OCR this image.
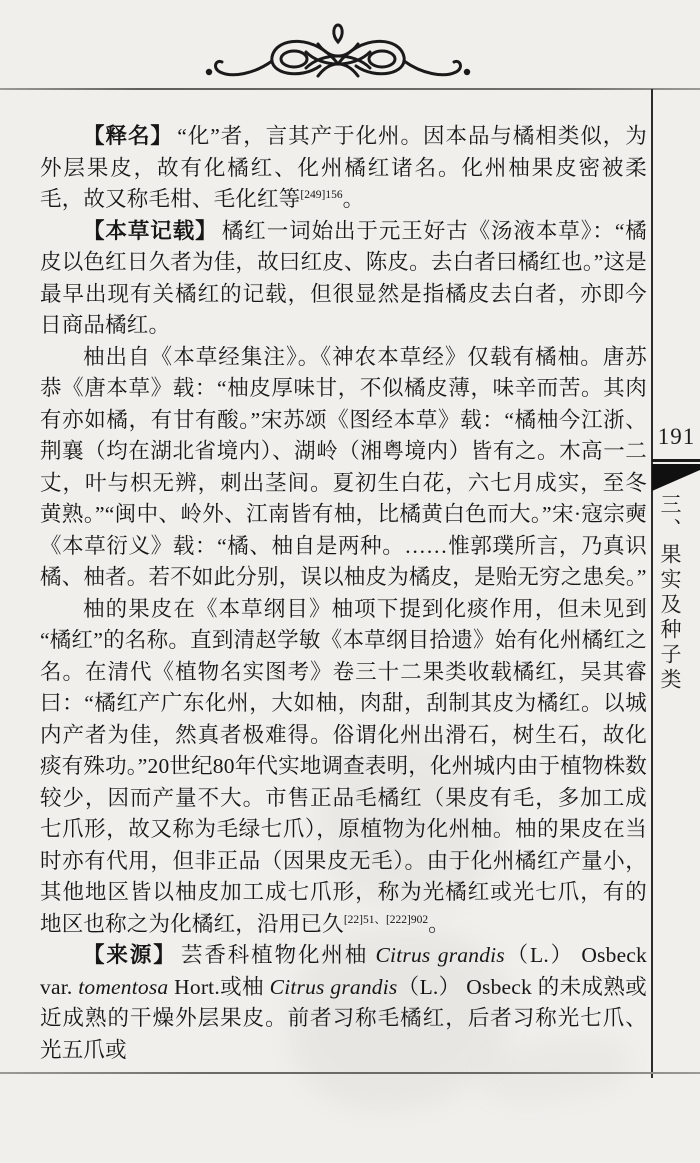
【释名】 “化”者，言其产于化州。因本品与橘相类似，为外层果皮，故有化橘红、化州橘红诸名。化州柚果皮密被柔毛，故又称毛柑、毛化红等$^{[249]156}$。

【本草记载】 橘红一词始出于元王好古《汤液本草》：“橘皮以色红日久者为佳，故曰红皮、陈皮。去白者曰橘红也。”这是最早出现有关橘红的记载，但很显然是指橘皮去白者，亦即今日商品橘红。

柚出自《本草经集注》。《神农本草经》仅载有橘柚。唐苏恭《唐本草》载：“柚皮厚味甘，不似橘皮薄，味辛而苦。其肉有亦如橘，有甘有酸。”宋苏颂《图经本草》载：“橘柚今江浙、荆襄（均在湖北省境内）、湖岭（湘粤境内）皆有之。木高一二丈，叶与枳无辨，刺出茎间。夏初生白花，六七月成实，至冬黄熟。”“闽中、岭外、江南皆有柚，比橘黄白色而大。”宋·寇宗奭《本草衍义》载：“橘、柚自是两种。……惟郭璞所言，乃真识橘、柚者。若不如此分别，误以柚皮为橘皮，是贻无穷之患矣。”

柚的果皮在《本草纲目》柚项下提到化痰作用，但未见到“橘红”的名称。直到清赵学敏《本草纲目拾遗》始有化州橘红之名。在清代《植物名实图考》卷三十二果类收载橘红，吴其睿曰：“橘红产广东化州，大如柚，肉甜，刮制其皮为橘红。以城内产者为佳，然真者极难得。俗谓化州出滑石，树生石，故化痰有殊功。”20世纪80年代实地调查表明，化州城内由于植物株数较少，因而产量不大。市售正品毛橘红（果皮有毛，多加工成七爪形，故又称为毛绿七爪），原植物为化州柚。柚的果皮在当时亦有代用，但非正品（因果皮无毛）。由于化州橘红产量小，其他地区皆以柚皮加工成七爪形，称为光橘红或光七爪，有的地区也称之为化橘红，沿用已久$^{[22]51、[222]902}$。

【来源】 芸香科植物化州柚 Citrus grandis（L.） Osbeck var. tomentosa Hort.或柚 Citrus grandis（L.） Osbeck 的未成熟或近成熟的干燥外层果皮。前者习称毛橘红，后者习称光七爪、光五爪或

191
三、果实及种子类
